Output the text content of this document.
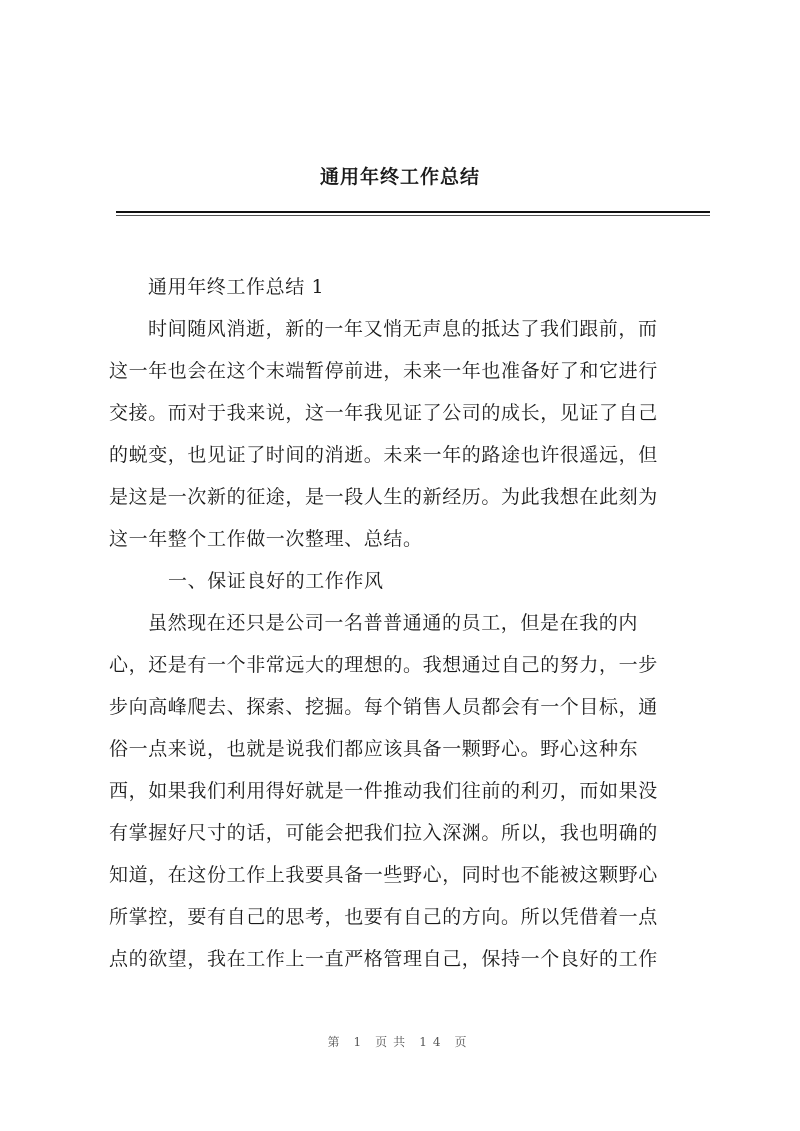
通用年终工作总结
通用年终工作总结 1
时间随风消逝，新的一年又悄无声息的抵达了我们跟前，而
这一年也会在这个末端暂停前进，未来一年也准备好了和它进行
交接。而对于我来说，这一年我见证了公司的成长，见证了自己
的蜕变，也见证了时间的消逝。未来一年的路途也许很遥远，但
是这是一次新的征途，是一段人生的新经历。为此我想在此刻为
这一年整个工作做一次整理、总结。
一、保证良好的工作作风
虽然现在还只是公司一名普普通通的员工，但是在我的内
心，还是有一个非常远大的理想的。我想通过自己的努力，一步
步向高峰爬去、探索、挖掘。每个销售人员都会有一个目标，通
俗一点来说，也就是说我们都应该具备一颗野心。野心这种东
西，如果我们利用得好就是一件推动我们往前的利刃，而如果没
有掌握好尺寸的话，可能会把我们拉入深渊。所以，我也明确的
知道，在这份工作上我要具备一些野心，同时也不能被这颗野心
所掌控，要有自己的思考，也要有自己的方向。所以凭借着一点
点的欲望，我在工作上一直严格管理自己，保持一个良好的工作
第 1 页共 14 页
